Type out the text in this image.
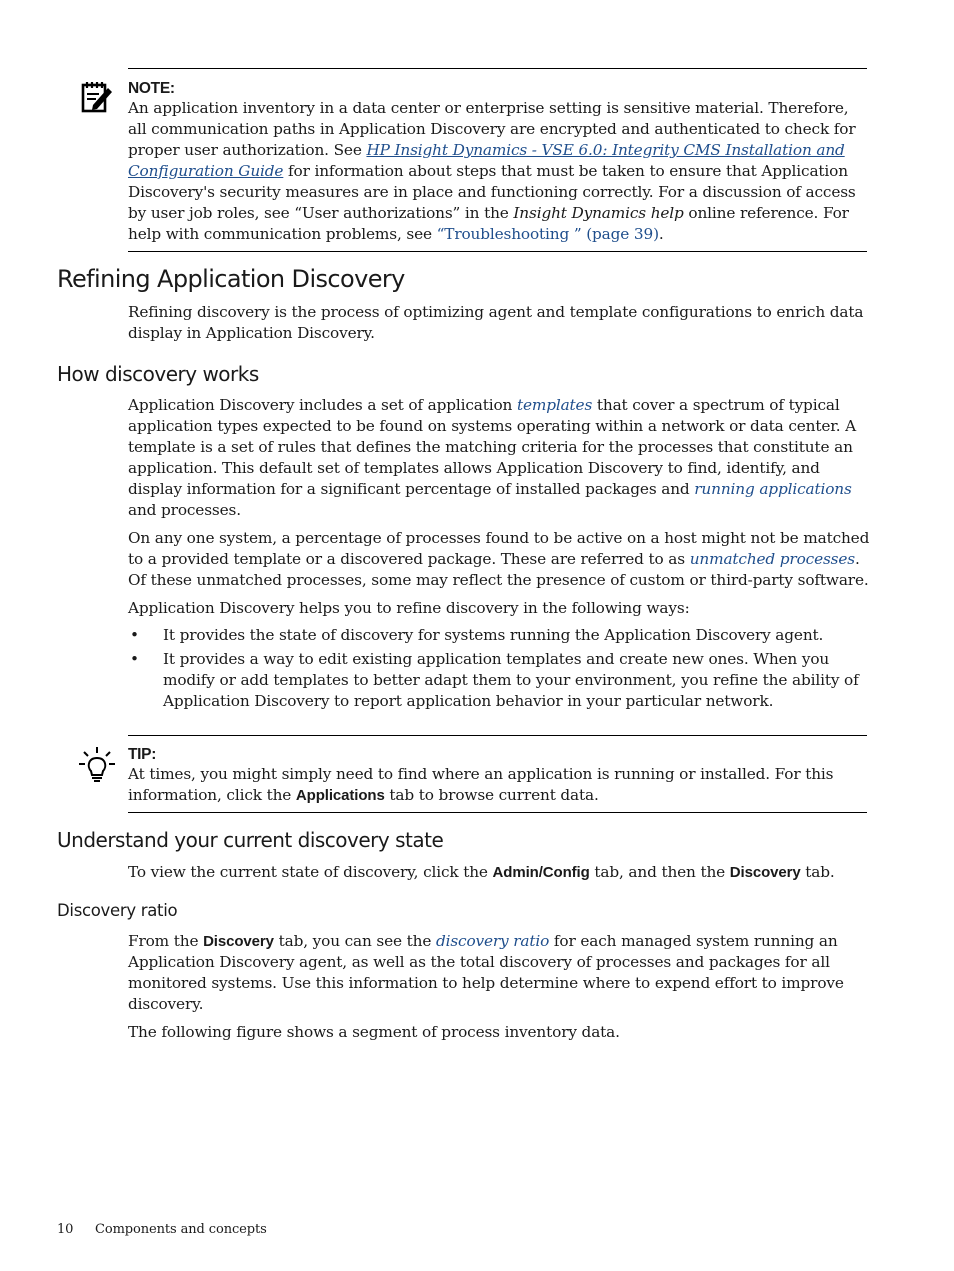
NOTE:

An application inventory in a data center or enterprise setting is sensitive material. Therefore, all communication paths in Application Discovery are encrypted and authenticated to check for proper user authorization. See HP Insight Dynamics - VSE 6.0: Integrity CMS Installation and Configuration Guide for information about steps that must be taken to ensure that Application Discovery's security measures are in place and functioning correctly. For a discussion of access by user job roles, see “User authorizations” in the Insight Dynamics help online reference. For help with communication problems, see “Troubleshooting ” (page 39).

Refining Application Discovery

Refining discovery is the process of optimizing agent and template configurations to enrich data display in Application Discovery.

How discovery works

Application Discovery includes a set of application templates that cover a spectrum of typical application types expected to be found on systems operating within a network or data center. A template is a set of rules that defines the matching criteria for the processes that constitute an application. This default set of templates allows Application Discovery to find, identify, and display information for a significant percentage of installed packages and running applications and processes.

On any one system, a percentage of processes found to be active on a host might not be matched to a provided template or a discovered package. These are referred to as unmatched processes. Of these unmatched processes, some may reflect the presence of custom or third-party software.

Application Discovery helps you to refine discovery in the following ways:

• It provides the state of discovery for systems running the Application Discovery agent.
• It provides a way to edit existing application templates and create new ones. When you modify or add templates to better adapt them to your environment, you refine the ability of Application Discovery to report application behavior in your particular network.
TIP:

At times, you might simply need to find where an application is running or installed. For this information, click the Applications tab to browse current data.

Understand your current discovery state

To view the current state of discovery, click the Admin/Config tab, and then the Discovery tab.

Discovery ratio

From the Discovery tab, you can see the discovery ratio for each managed system running an Application Discovery agent, as well as the total discovery of processes and packages for all monitored systems. Use this information to help determine where to expend effort to improve discovery.

The following figure shows a segment of process inventory data.

10 Components and concepts
